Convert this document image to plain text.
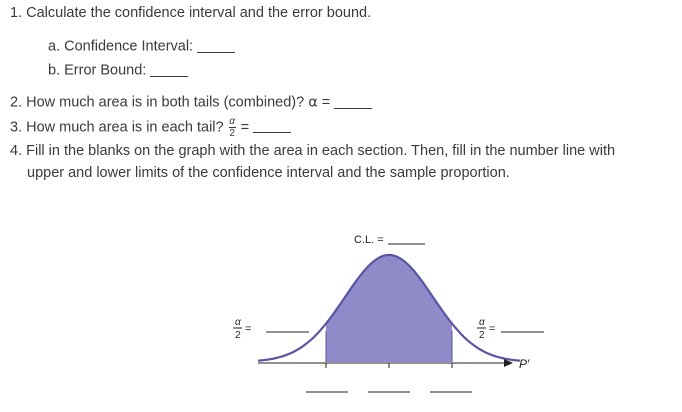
1. Calculate the confidence interval and the error bound.
a. Confidence Interval:
b. Error Bound:
2. How much area is in both tails (combined)? α =
3. How much area is in each tail? $\frac{\alpha}{2}$ =
4. Fill in the blanks on the graph with the area in each section. Then, fill in the number line with
upper and lower limits of the confidence interval and the sample proportion.
P′
C.L. =
α
2
=
α
2
=
